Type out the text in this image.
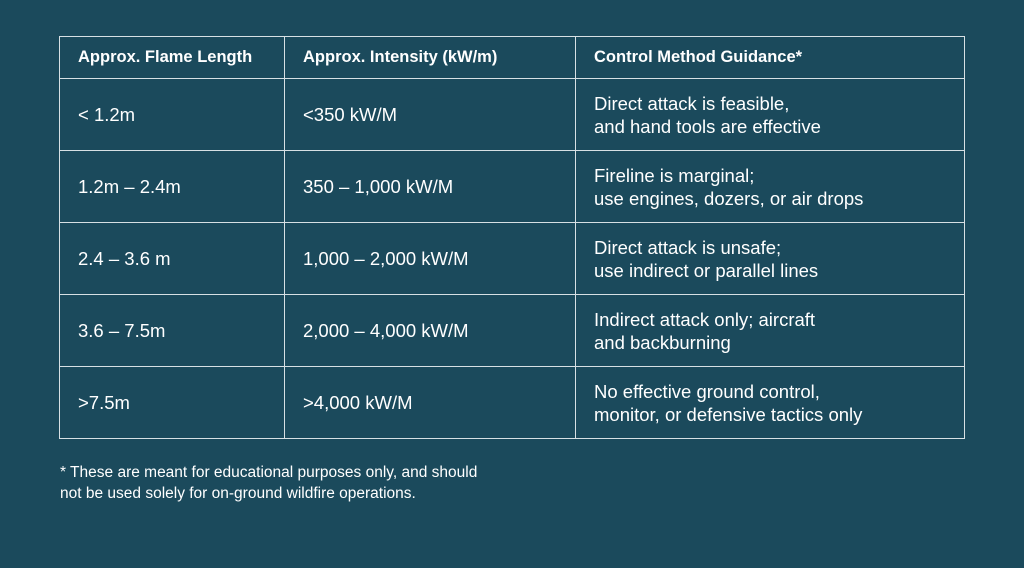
Approx. Flame Length	Approx. Intensity (kW/m)	Control Method Guidance*
< 1.2m	<350 kW/M	Direct attack is feasible,
and hand tools are effective

1.2m – 2.4m	350 – 1,000 kW/M	Fireline is marginal;
use engines, dozers, or air drops

2.4 – 3.6 m	1,000 – 2,000 kW/M	Direct attack is unsafe;
use indirect or parallel lines

3.6 – 7.5m	2,000 – 4,000 kW/M	Indirect attack only; aircraft
and backburning

>7.5m	>4,000 kW/M	No effective ground control,
monitor, or defensive tactics only

* These are meant for educational purposes only, and should
not be used solely for on-ground wildfire operations.
